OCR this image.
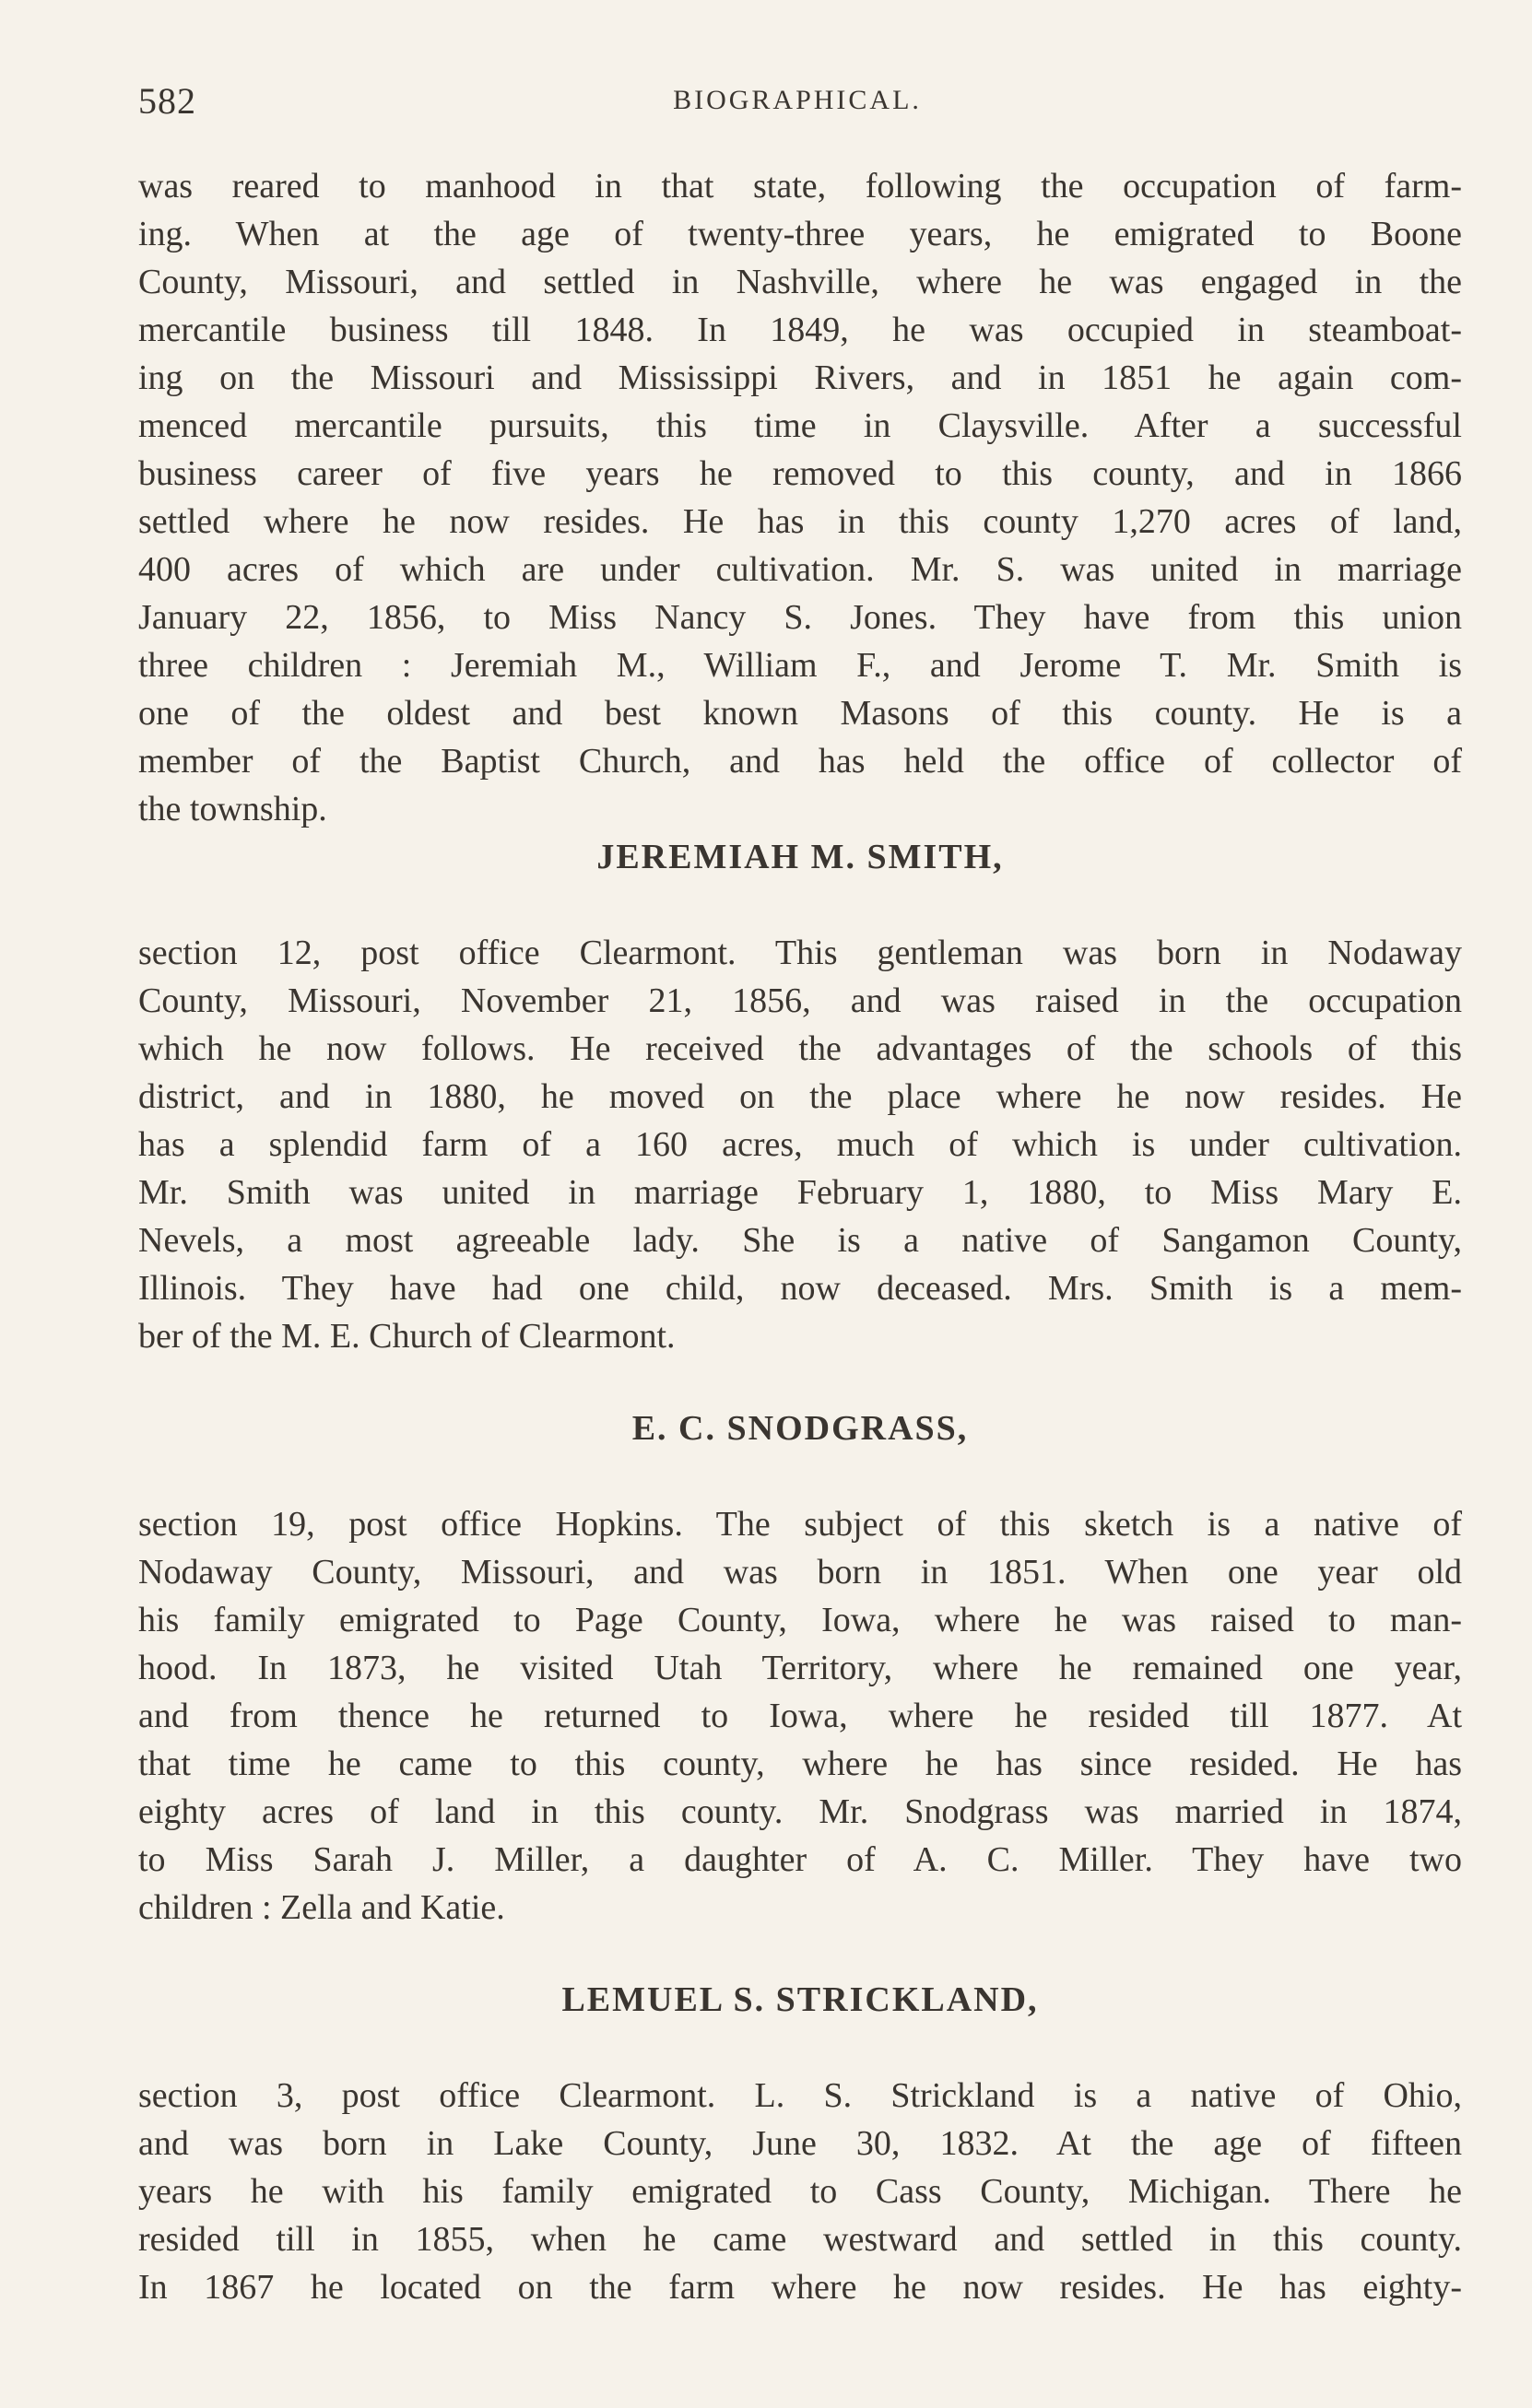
582	BIOGRAPHICAL.

was reared to manhood in that state, following the occupation of farm-
ing. When at the age of twenty-three years, he emigrated to Boone
County, Missouri, and settled in Nashville, where he was engaged in the
mercantile business till 1848. In 1849, he was occupied in steamboat-
ing on the Missouri and Mississippi Rivers, and in 1851 he again com-
menced mercantile pursuits, this time in Claysville. After a successful
business career of five years he removed to this county, and in 1866
settled where he now resides. He has in this county 1,270 acres of land,
400 acres of which are under cultivation. Mr. S. was united in marriage
January 22, 1856, to Miss Nancy S. Jones. They have from this union
three children : Jeremiah M., William F., and Jerome T. Mr. Smith is
one of the oldest and best known Masons of this county. He is a
member of the Baptist Church, and has held the office of collector of
the township.

JEREMIAH M. SMITH,

section 12, post office Clearmont. This gentleman was born in Nodaway
County, Missouri, November 21, 1856, and was raised in the occupation
which he now follows. He received the advantages of the schools of this
district, and in 1880, he moved on the place where he now resides. He
has a splendid farm of a 160 acres, much of which is under cultivation.
Mr. Smith was united in marriage February 1, 1880, to Miss Mary E.
Nevels, a most agreeable lady. She is a native of Sangamon County,
Illinois. They have had one child, now deceased. Mrs. Smith is a mem-
ber of the M. E. Church of Clearmont.

E. C. SNODGRASS,

section 19, post office Hopkins. The subject of this sketch is a native of
Nodaway County, Missouri, and was born in 1851. When one year old
his family emigrated to Page County, Iowa, where he was raised to man-
hood. In 1873, he visited Utah Territory, where he remained one year,
and from thence he returned to Iowa, where he resided till 1877. At
that time he came to this county, where he has since resided. He has
eighty acres of land in this county. Mr. Snodgrass was married in 1874,
to Miss Sarah J. Miller, a daughter of A. C. Miller. They have two
children : Zella and Katie.

LEMUEL S. STRICKLAND,

section 3, post office Clearmont. L. S. Strickland is a native of Ohio,
and was born in Lake County, June 30, 1832. At the age of fifteen
years he with his family emigrated to Cass County, Michigan. There he
resided till in 1855, when he came westward and settled in this county.
In 1867 he located on the farm where he now resides. He has eighty-
